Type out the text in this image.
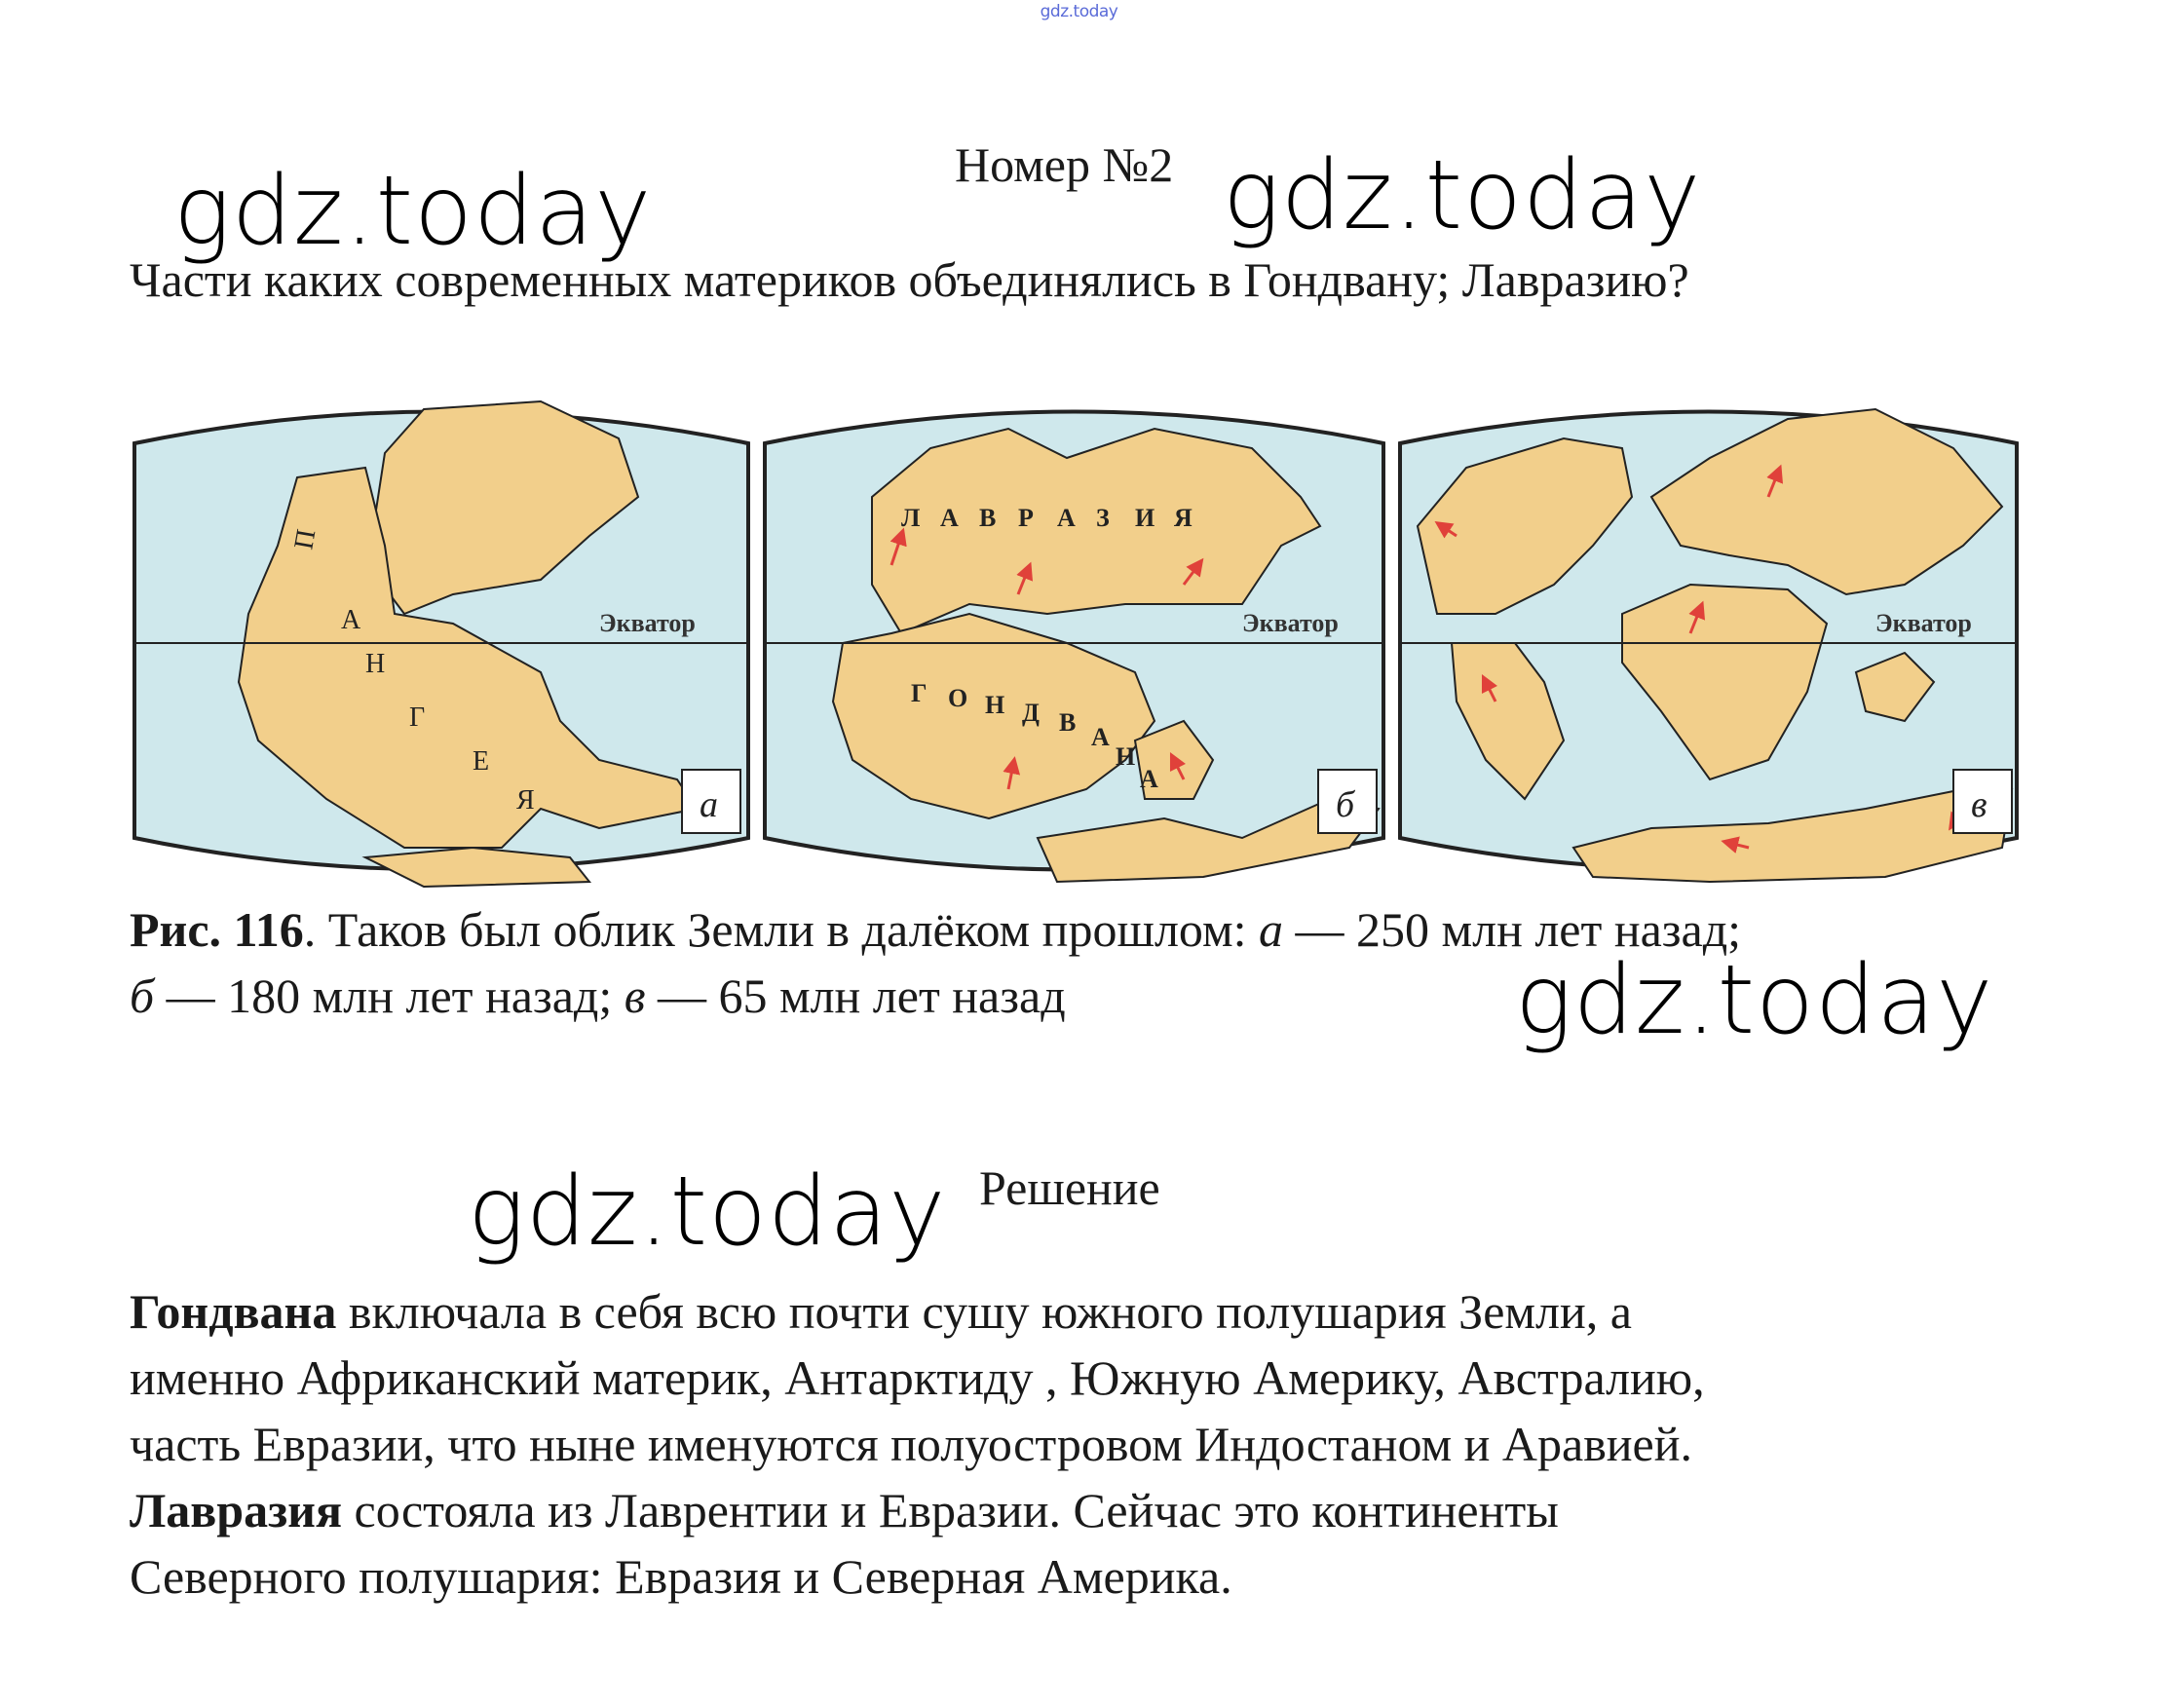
gdz.today
Номер №2
gdz.today	gdz.today
Части каких современных материков объединялись в Гондвану; Лавразию?
Экватор
П
А
Н
Г
Е
Я	а
Экватор
Л А В Р А З И Я
Г О Н Д В
А
Н
А
б
Экватор
в
Рис. 116. Таков был облик Земли в далёком прошлом: а — 250 млн лет назад;
б — 180 млн лет назад; в — 65 млн лет назад	gdz.today
gdz.today Решение
Гондвана включала в себя всю почти сушу южного полушария Земли, а
именно Африканский материк, Антарктиду , Южную Америку, Австралию,
часть Евразии, что ныне именуются полуостровом Индостаном и Аравией.
Лавразия состояла из Лаврентии и Евразии. Сейчас это континенты
Северного полушария: Евразия и Северная Америка.
